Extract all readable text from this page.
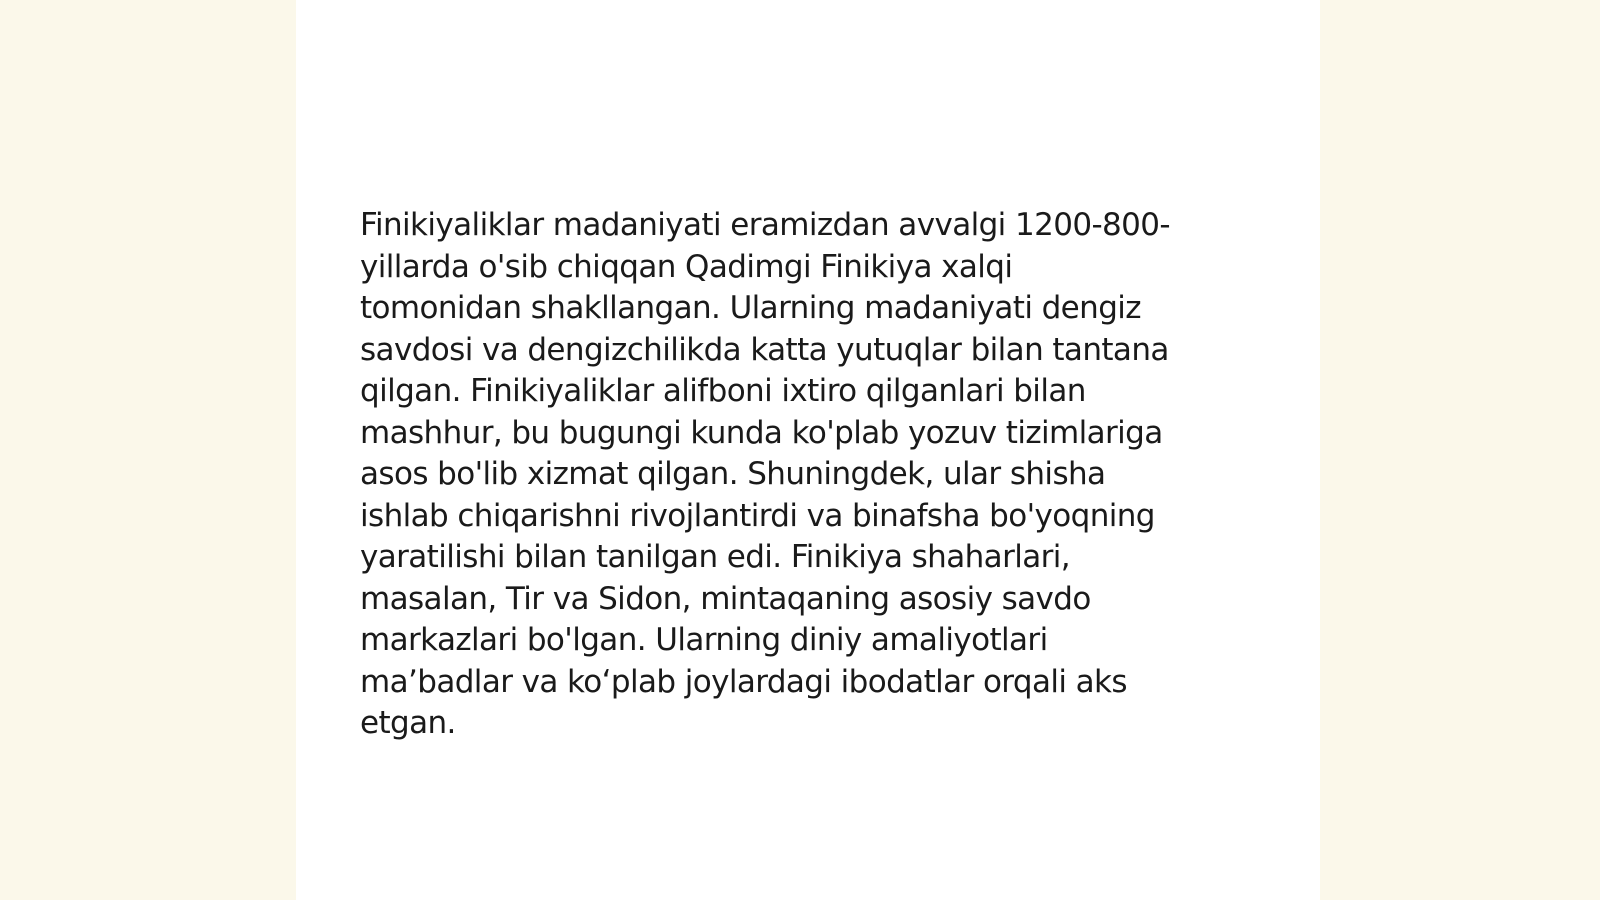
Finikiyaliklar madaniyati eramizdan avvalgi 1200-800-
yillarda o'sib chiqqan Qadimgi Finikiya xalqi
tomonidan shakllangan. Ularning madaniyati dengiz
savdosi va dengizchilikda katta yutuqlar bilan tantana
qilgan. Finikiyaliklar alifboni ixtiro qilganlari bilan
mashhur, bu bugungi kunda ko'plab yozuv tizimlariga
asos bo'lib xizmat qilgan. Shuningdek, ular shisha
ishlab chiqarishni rivojlantirdi va binafsha bo'yoqning
yaratilishi bilan tanilgan edi. Finikiya shaharlari,
masalan, Tir va Sidon, mintaqaning asosiy savdo
markazlari bo'lgan. Ularning diniy amaliyotlari
ma’badlar va ko‘plab joylardagi ibodatlar orqali aks
etgan.
